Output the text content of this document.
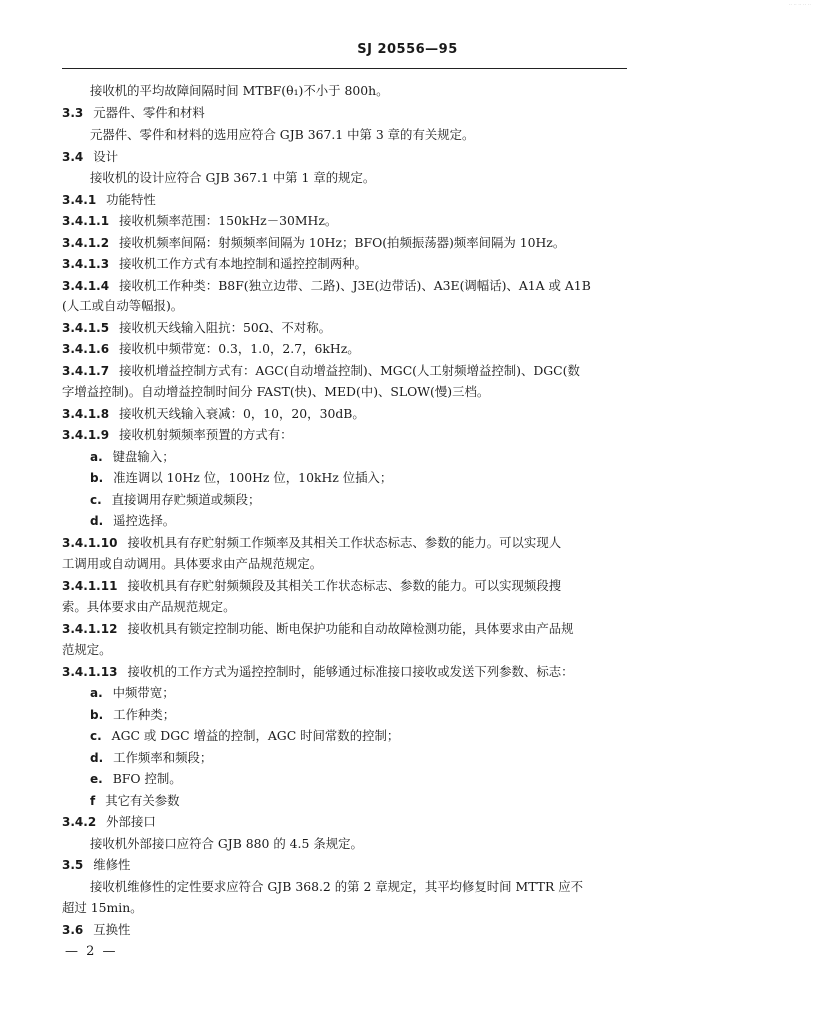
·· ·· ·· ·· ··
SJ 20556—95
接收机的平均故障间隔时间 MTBF(θ₁)不小于 800h。
3.3 元器件、零件和材料
元器件、零件和材料的选用应符合 GJB 367.1 中第 3 章的有关规定。
3.4 设计
接收机的设计应符合 GJB 367.1 中第 1 章的规定。
3.4.1 功能特性
3.4.1.1 接收机频率范围：150kHz－30MHz。
3.4.1.2 接收机频率间隔：射频频率间隔为 10Hz；BFO(拍频振荡器)频率间隔为 10Hz。
3.4.1.3 接收机工作方式有本地控制和遥控控制两种。
3.4.1.4 接收机工作种类：B8F(独立边带、二路)、J3E(边带话)、A3E(调幅话)、A1A 或 A1B
(人工或自动等幅报)。
3.4.1.5 接收机天线输入阻抗：50Ω、不对称。
3.4.1.6 接收机中频带宽：0.3，1.0，2.7，6kHz。
3.4.1.7 接收机增益控制方式有：AGC(自动增益控制)、MGC(人工射频增益控制)、DGC(数
字增益控制)。自动增益控制时间分 FAST(快)、MED(中)、SLOW(慢)三档。
3.4.1.8 接收机天线输入衰减：0，10，20，30dB。
3.4.1.9 接收机射频频率预置的方式有：
a. 键盘输入；
b. 准连调以 10Hz 位，100Hz 位，10kHz 位插入；
c. 直接调用存贮频道或频段；
d. 遥控选择。
3.4.1.10 接收机具有存贮射频工作频率及其相关工作状态标志、参数的能力。可以实现人
工调用或自动调用。具体要求由产品规范规定。
3.4.1.11 接收机具有存贮射频频段及其相关工作状态标志、参数的能力。可以实现频段搜
索。具体要求由产品规范规定。
3.4.1.12 接收机具有锁定控制功能、断电保护功能和自动故障检测功能，具体要求由产品规
范规定。
3.4.1.13 接收机的工作方式为遥控控制时，能够通过标准接口接收或发送下列参数、标志：
a. 中频带宽；
b. 工作种类；
c. AGC 或 DGC 增益的控制，AGC 时间常数的控制；
d. 工作频率和频段；
e. BFO 控制。
f 其它有关参数
3.4.2 外部接口
接收机外部接口应符合 GJB 880 的 4.5 条规定。
3.5 维修性
接收机维修性的定性要求应符合 GJB 368.2 的第 2 章规定，其平均修复时间 MTTR 应不
超过 15min。
3.6 互换性
— 2 —
